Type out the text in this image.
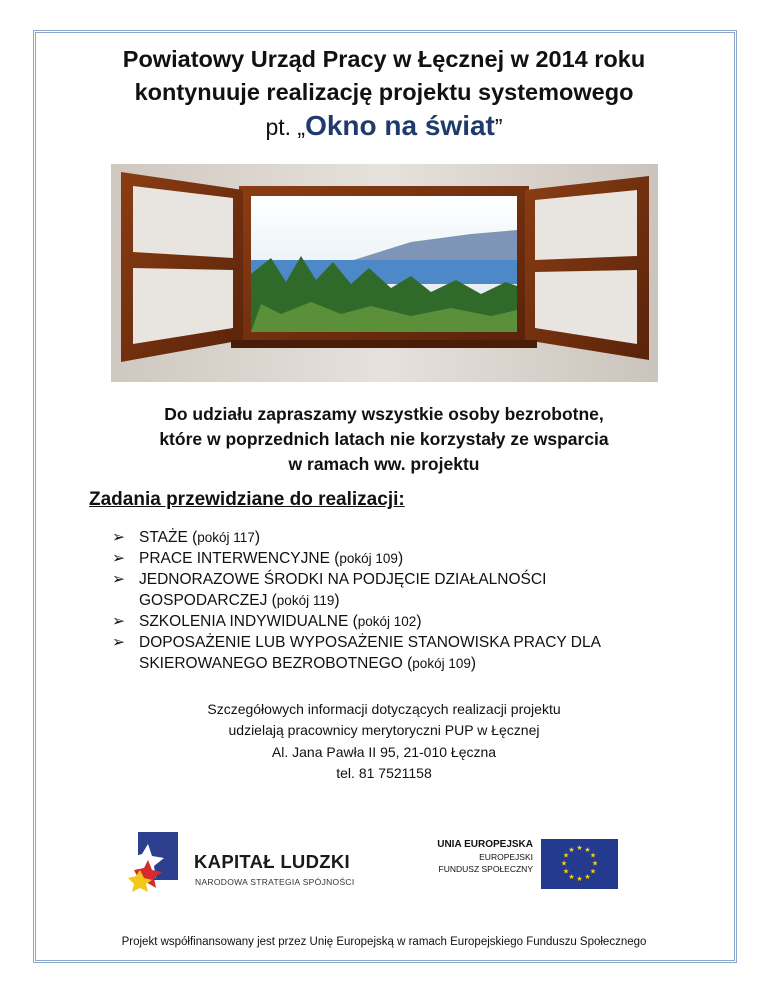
Powiatowy Urząd Pracy w Łęcznej w 2014 roku
kontynuuje realizację projektu systemowego
pt. „Okno na świat”
Do udziału zapraszamy wszystkie osoby bezrobotne,
które w poprzednich latach nie korzystały ze wsparcia
w ramach ww. projektu
Zadania przewidziane do realizacji:
➢ STAŻE (pokój 117)
➢ PRACE INTERWENCYJNE (pokój 109)
➢ JEDNORAZOWE ŚRODKI NA PODJĘCIE DZIAŁALNOŚCI GOSPODARCZEJ (pokój 119)
➢ SZKOLENIA INDYWIDUALNE (pokój 102)
➢ DOPOSAŻENIE LUB WYPOSAŻENIE STANOWISKA PRACY DLA SKIEROWANEGO BEZROBOTNEGO (pokój 109)
Szczegółowych informacji dotyczących realizacji projektu
udzielają pracownicy merytoryczni PUP w Łęcznej
Al. Jana Pawła II 95, 21-010 Łęczna
tel. 81 7521158
KAPITAŁ LUDZKI
NARODOWA STRATEGIA SPÓJNOŚCI
UNIA EUROPEJSKA
EUROPEJSKI
FUNDUSZ SPOŁECZNY
★ ★
★
★
★
★
★
★
★
★
★
★
Projekt współfinansowany jest przez Unię Europejską w ramach Europejskiego Funduszu Społecznego
